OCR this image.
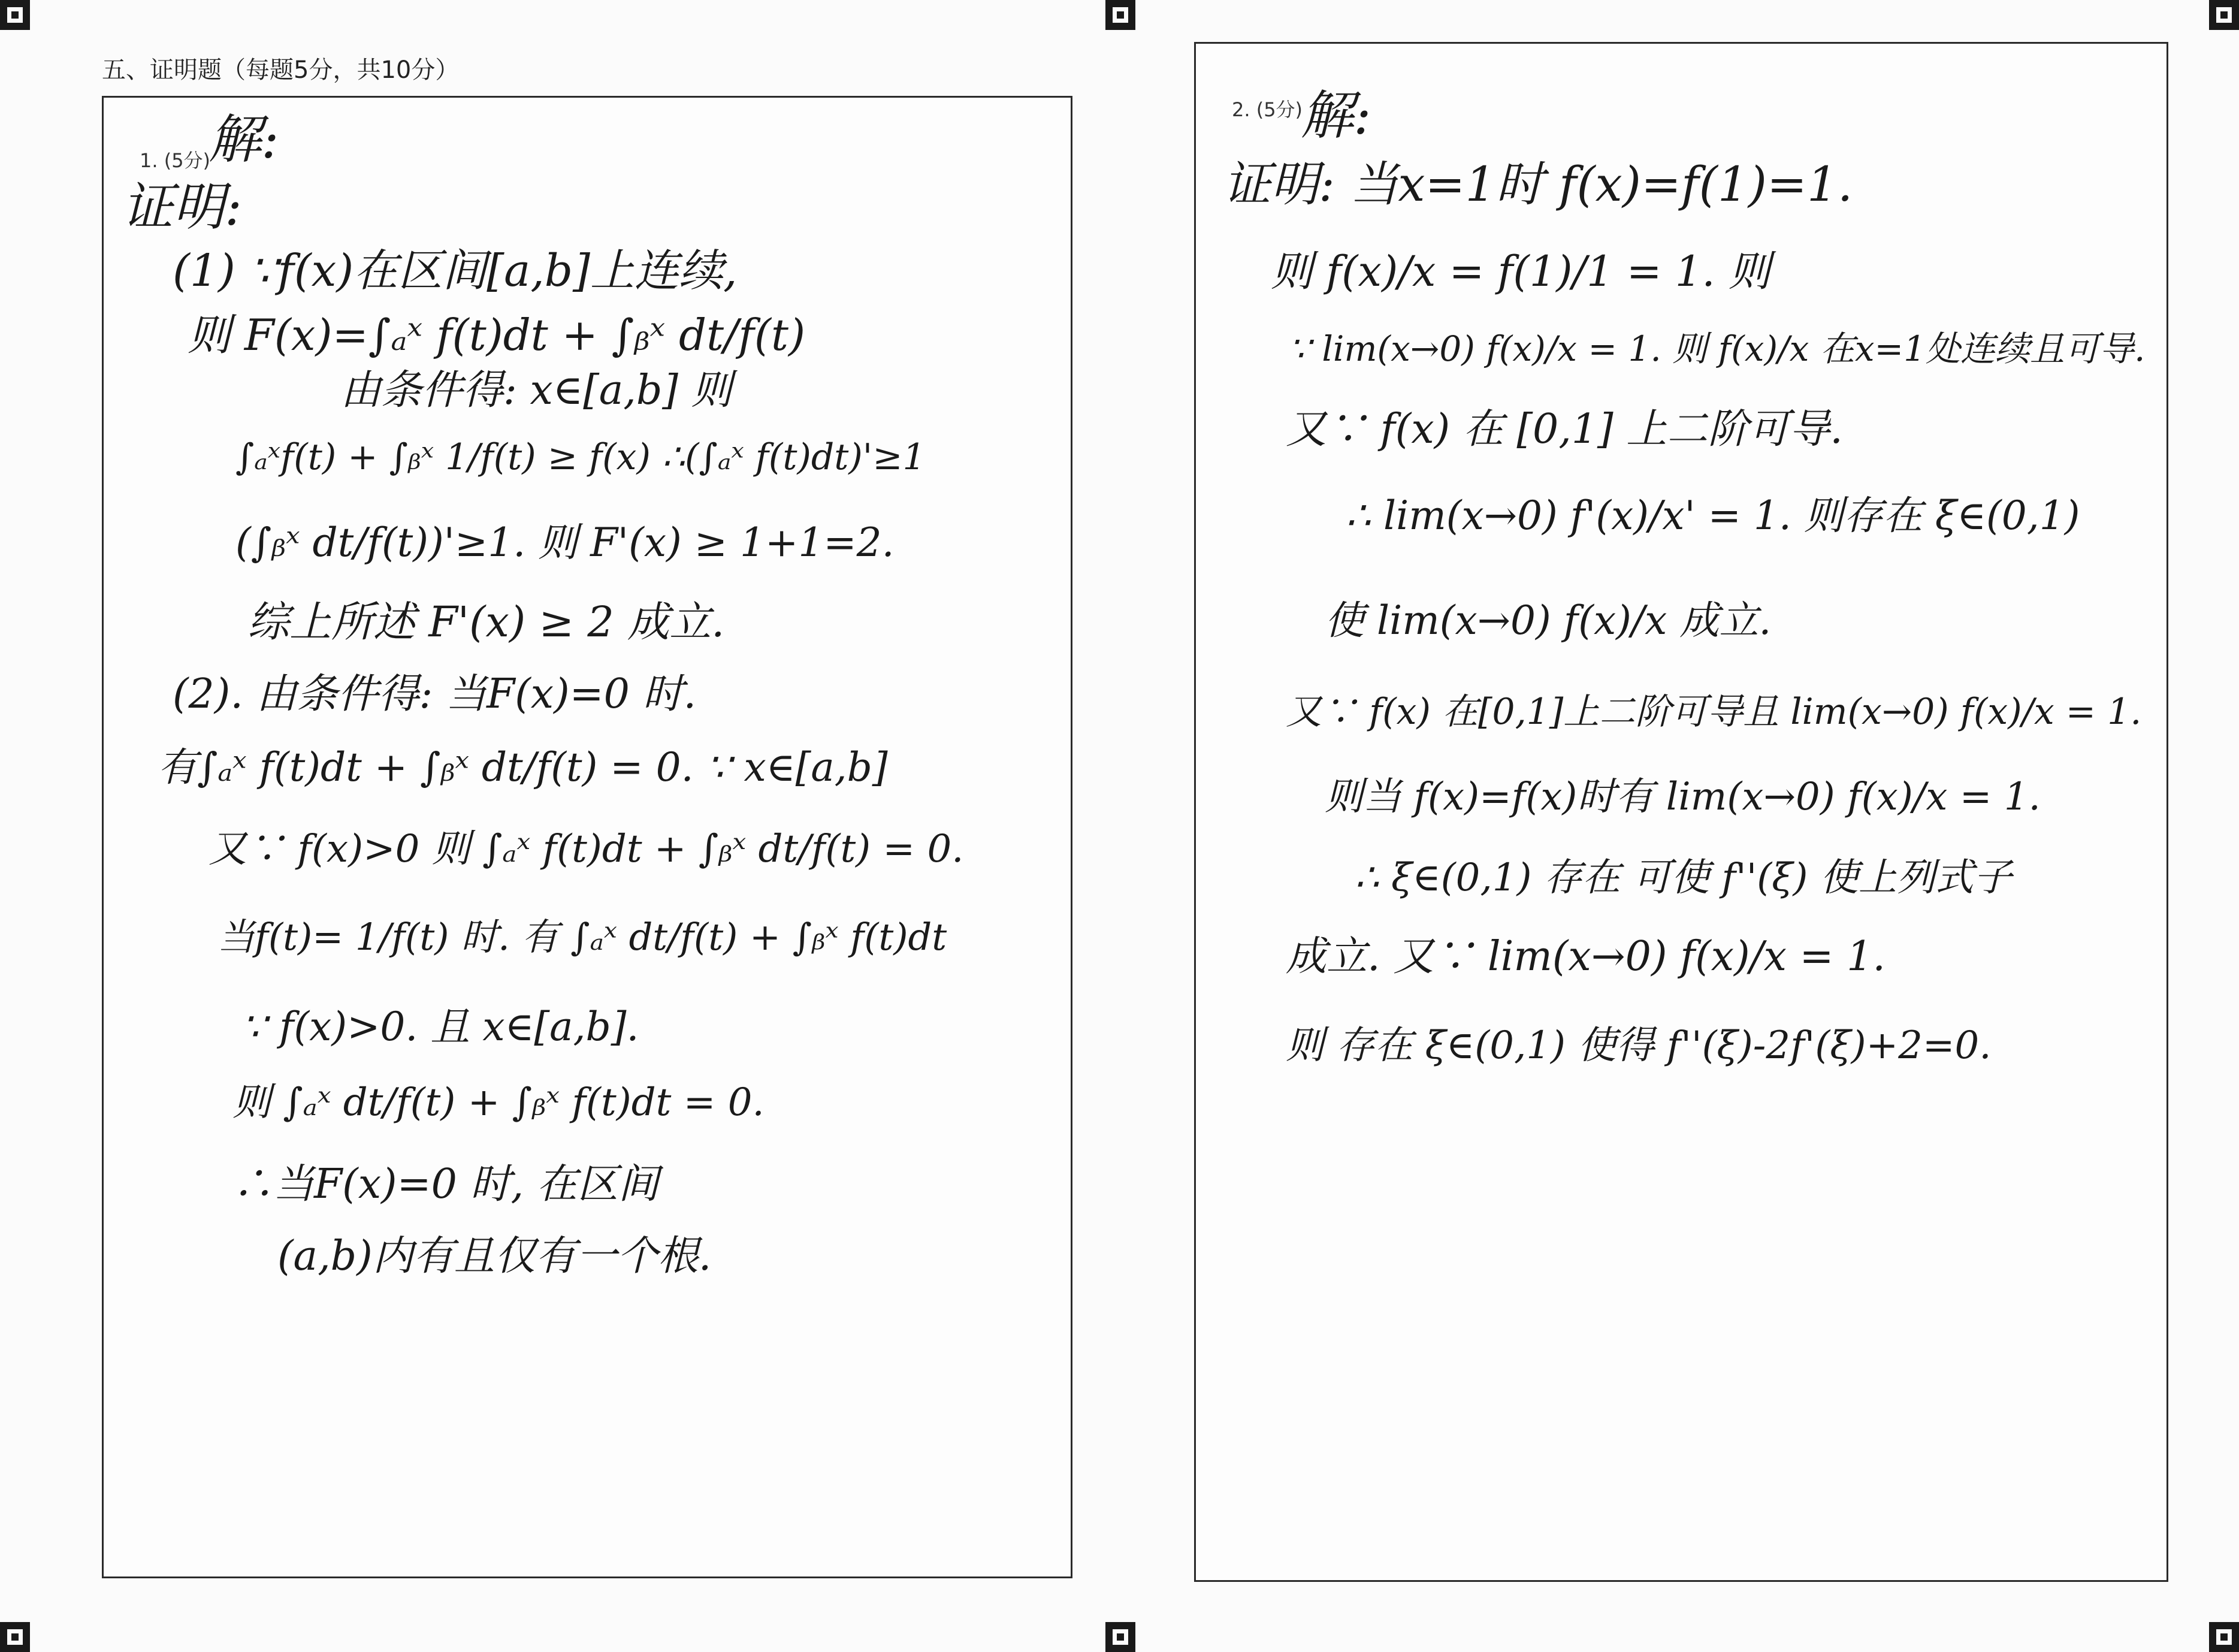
五、证明题（每题5分，共10分）
1. (5分)
解:
证明:
(1) ∵f(x)在区间[a,b]上连续,
则 F(x)=∫ₐˣ f(t)dt + ∫ᵦˣ dt/f(t)
由条件得: x∈[a,b] 则
∫ₐˣf(t) + ∫ᵦˣ 1/f(t) ≥ f(x) ∴(∫ₐˣ f(t)dt)'≥1
(∫ᵦˣ dt/f(t))'≥1. 则 F'(x) ≥ 1+1=2.
综上所述 F'(x) ≥ 2 成立.
(2). 由条件得: 当F(x)=0 时.
有∫ₐˣ f(t)dt + ∫ᵦˣ dt/f(t) = 0. ∵ x∈[a,b]
又∵ f(x)>0 则 ∫ₐˣ f(t)dt + ∫ᵦˣ dt/f(t) = 0.
当f(t)= 1/f(t) 时. 有 ∫ₐˣ dt/f(t) + ∫ᵦˣ f(t)dt
∵ f(x)>0. 且 x∈[a,b].
则 ∫ₐˣ dt/f(t) + ∫ᵦˣ f(t)dt = 0.
∴当F(x)=0 时, 在区间
(a,b)内有且仅有一个根.
2. (5分)
解:
证明: 当x=1时 f(x)=f(1)=1.
则 f(x)/x = f(1)/1 = 1. 则
∵ lim(x→0) f(x)/x = 1. 则 f(x)/x 在x=1处连续且可导.
又∵ f(x) 在 [0,1] 上二阶可导.
∴ lim(x→0) f'(x)/x' = 1. 则存在 ξ∈(0,1)
使 lim(x→0) f(x)/x 成立.
又∵ f(x) 在[0,1]上二阶可导且 lim(x→0) f(x)/x = 1.
则当 f(x)=f(x)时有 lim(x→0) f(x)/x = 1.
∴ ξ∈(0,1) 存在 可使 f''(ξ) 使上列式子
成立. 又∵ lim(x→0) f(x)/x = 1.
则 存在 ξ∈(0,1) 使得 f''(ξ)-2f'(ξ)+2=0.
